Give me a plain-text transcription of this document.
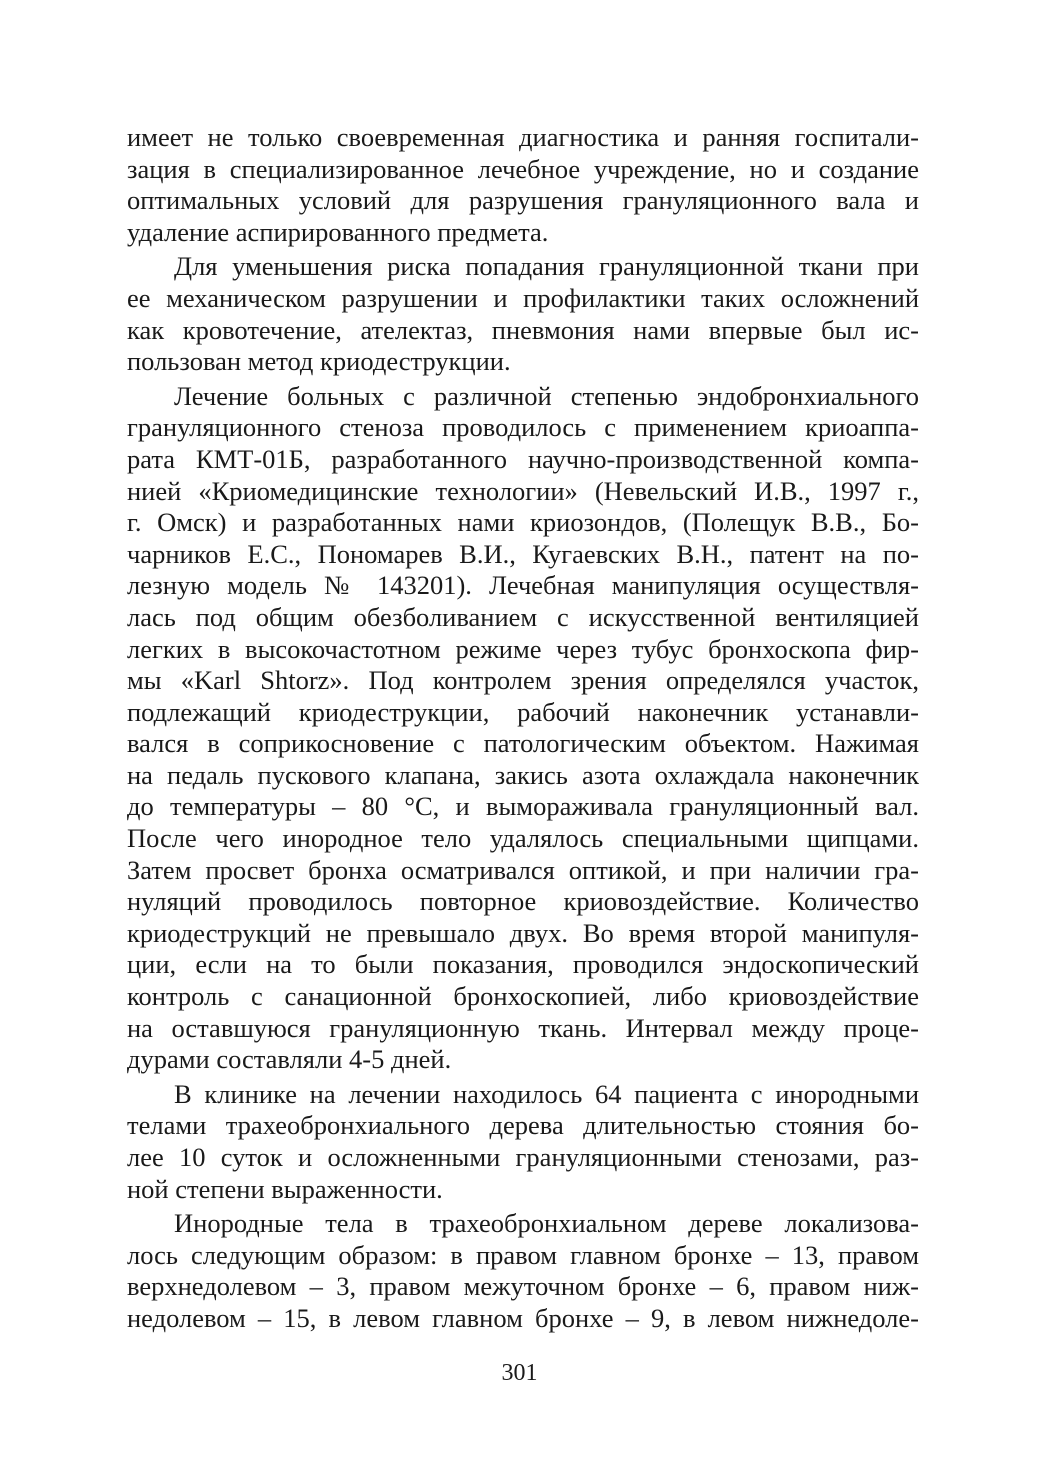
имеет не только своевременная диагностика и ранняя госпитали-
зация в специализированное лечебное учреждение, но и создание
оптимальных условий для разрушения грануляционного вала и
удаление аспирированного предмета.
Для уменьшения риска попадания грануляционной ткани при
ее механическом разрушении и профилактики таких осложнений
как кровотечение, ателектаз, пневмония нами впервые был ис-
пользован метод криодеструкции.
Лечение больных с различной степенью эндобронхиального
грануляционного стеноза проводилось с применением криоаппа-
рата КМТ-01Б, разработанного научно-производственной компа-
нией «Криомедицинские технологии» (Невельский И.В., 1997 г.,
г. Омск) и разработанных нами криозондов, (Полещук В.В., Бо-
чарников Е.С., Пономарев В.И., Кугаевских В.Н., патент на по-
лезную модель № 143201). Лечебная манипуляция осуществля-
лась под общим обезболиванием с искусственной вентиляцией
легких в высокочастотном режиме через тубус бронхоскопа фир-
мы «Karl Shtorz». Под контролем зрения определялся участок,
подлежащий криодеструкции, рабочий наконечник устанавли-
вался в соприкосновение с патологическим объектом. Нажимая
на педаль пускового клапана, закись азота охлаждала наконечник
до температуры – 80 °С, и вымораживала грануляционный вал.
После чего инородное тело удалялось специальными щипцами.
Затем просвет бронха осматривался оптикой, и при наличии гра-
нуляций проводилось повторное криовоздействие. Количество
криодеструкций не превышало двух. Во время второй манипуля-
ции, если на то были показания, проводился эндоскопический
контроль с санационной бронхоскопией, либо криовоздействие
на оставшуюся грануляционную ткань. Интервал между проце-
дурами составляли 4-5 дней.
В клинике на лечении находилось 64 пациента с инородными
телами трахеобронхиального дерева длительностью стояния бо-
лее 10 суток и осложненными грануляционными стенозами, раз-
ной степени выраженности.
Инородные тела в трахеобронхиальном дереве локализова-
лось следующим образом: в правом главном бронхе – 13, правом
верхнедолевом – 3, правом межуточном бронхе – 6, правом ниж-
недолевом – 15, в левом главном бронхе – 9, в левом нижнедоле-
301
